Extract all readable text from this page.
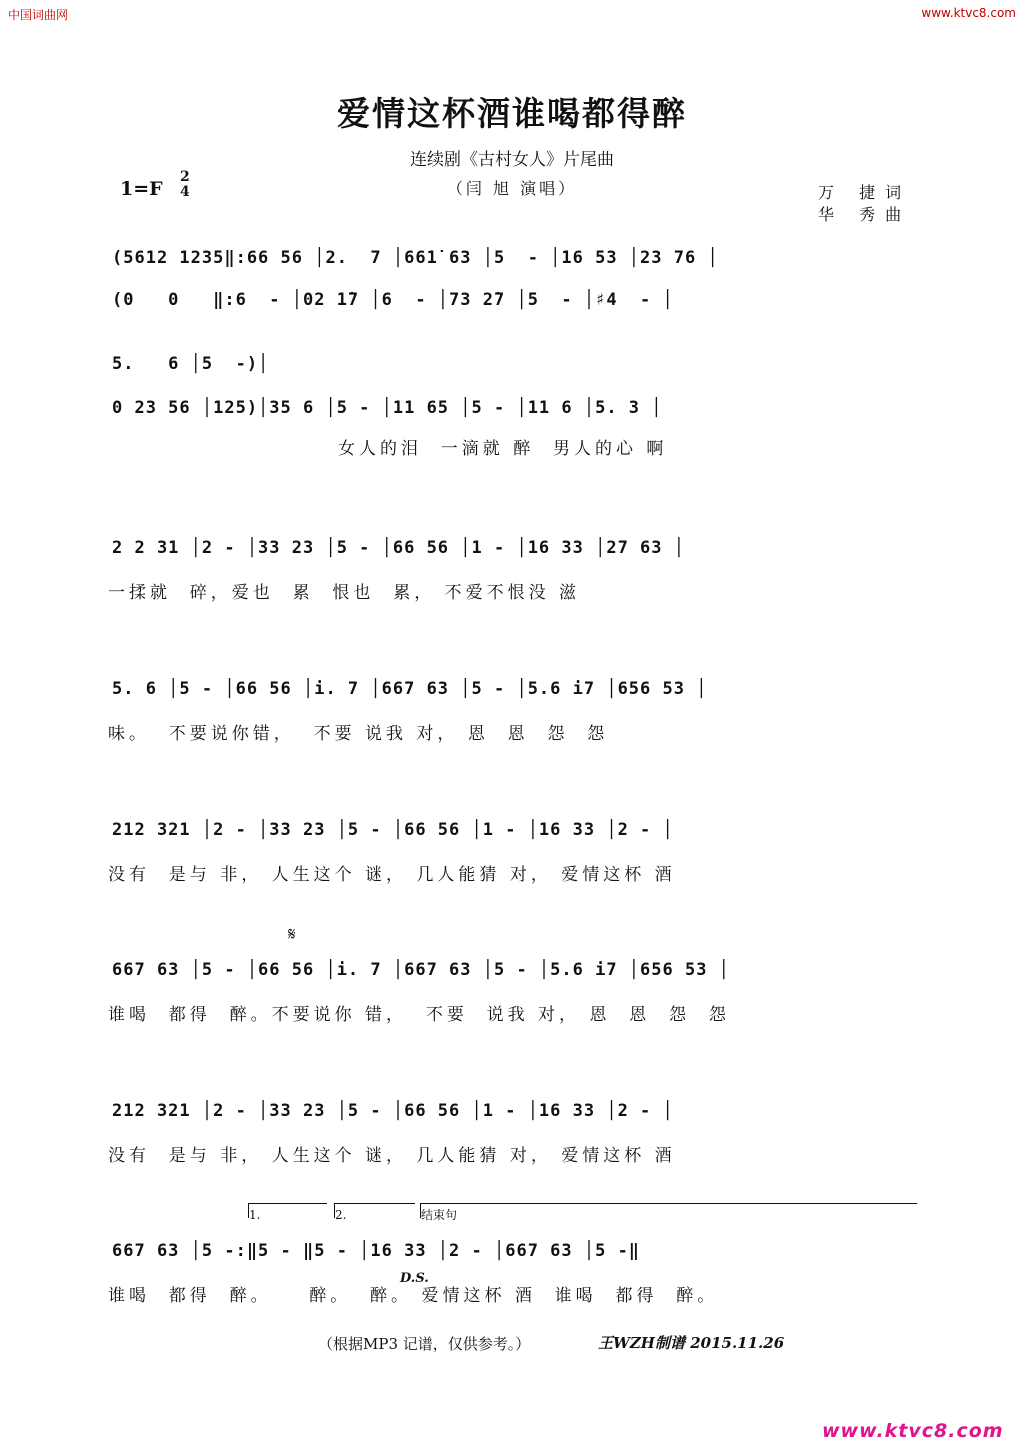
中国词曲网	www.ktvc8.com
爱情这杯酒谁喝都得醉
连续剧《古村女人》片尾曲
（闫 旭 演唱）
1=F
2
4	万 捷词
华 秀曲
(5612 1235‖:66 56 │2.  7 │661̇ 63 │5  - │16 53 │23 76 │
(0   0   ‖:6  - │02 1̇7 │6  - │73 2̇7 │5  - │♯4  - │
5.   6 │5  -)│
0 23 56 │125)│35 6 │5 - │11 65 │5 - │11 6 │5. 3 │
女人的泪  一滴就 醉  男人的心 啊
2 2 31 │2 - │33 23 │5 - │66 56 │1 - │16 33 │27 63 │
一揉就  碎，爱也  累  恨也  累， 不爱不恨没 滋
5. 6 │5 - │66 56 │i. 7 │667 63 │5 - │5.6 i7 │656 53 │
味。  不要说你错，  不要 说我 对， 恩  恩  怨  怨
212 321 │2 - │33 23 │5 - │66 56 │1 - │16 33 │2 - │
没有  是与 非， 人生这个 谜， 几人能猜 对， 爱情这杯 酒
𝄋
667 63 │5 - │66 56 │i. 7 │667 63 │5 - │5.6 i7 │656 53 │
谁喝  都得  醉。不要说你 错，  不要  说我 对， 恩  恩  怨  怨
212 321 │2 - │33 23 │5 - │66 56 │1 - │16 33 │2 - │
没有  是与 非， 人生这个 谜， 几人能猜 对， 爱情这杯 酒
1.	2.	结束句
667 63 │5 -:‖5 - ‖5 - │16 33 │2 - │667 63 │5 -‖
D.S.
谁喝  都得  醉。    醉。  醉。 爱情这杯 酒  谁喝  都得  醉。
（根据MP3 记谱，仅供参考。）	王WZH制谱 2015.11.26
www.ktvc8.com
